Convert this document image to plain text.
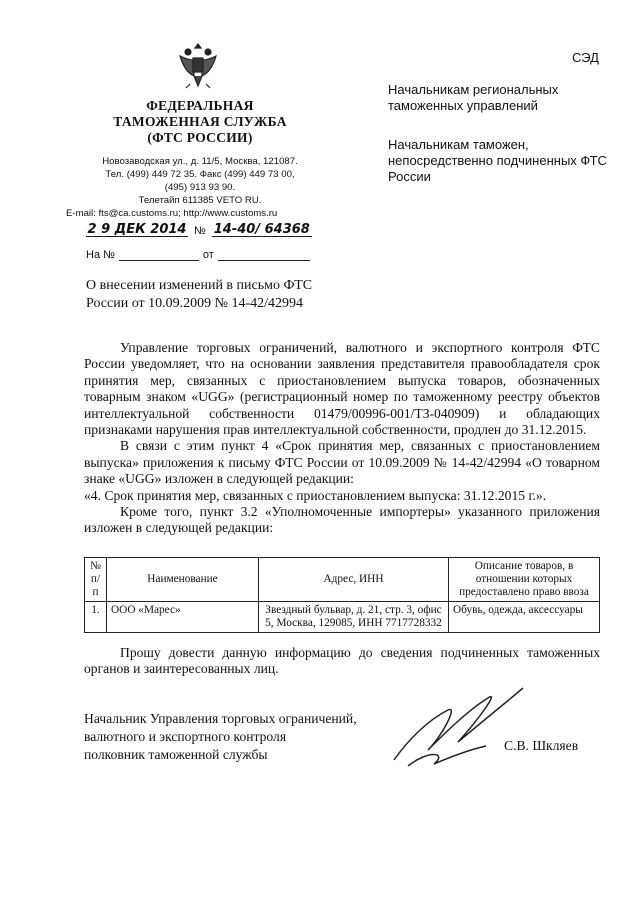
ФЕДЕРАЛЬНАЯ
ТАМОЖЕННАЯ СЛУЖБА
(ФТС РОССИИ)
Новозаводская ул., д. 11/5, Москва, 121087.
Тел. (499) 449 72 35. Факс (499) 449 73 00,
(495) 913 93 90.
Телетайп 611385 VETO RU.
E-mail: fts@ca.customs.ru; http://www.customs.ru
2 9 ДЕК 2014 № 14-40/ 64368
На №	от
О внесении изменений в письмо ФТС России от 10.09.2009 № 14-42/42994
СЭД
Начальникам региональных таможенных управлений
Начальникам таможен, непосредственно подчиненных ФТС России

Управление торговых ограничений, валютного и экспортного контроля ФТС России уведомляет, что на основании заявления представителя правообладателя срок принятия мер, связанных с приостановлением выпуска товаров, обозначенных товарным знаком «UGG» (регистрационный номер по таможенному реестру объектов интеллектуальной собственности 01479/00996-001/ТЗ-040909) и обладающих признаками нарушения прав интеллектуальной собственности, продлен до 31.12.2015.

В связи с этим пункт 4 «Срок принятия мер, связанных с приостановлением выпуска» приложения к письму ФТС России от 10.09.2009 № 14-42/42994 «О товарном знаке «UGG» изложен в следующей редакции:

«4. Срок принятия мер, связанных с приостановлением выпуска: 31.12.2015 г.».

Кроме того, пункт 3.2 «Уполномоченные импортеры» указанного приложения изложен в следующей редакции:

№ п/п	Наименование	Адрес, ИНН	Описание товаров, в отношении которых предоставлено право ввоза
1.	ООО «Марес»	Звездный бульвар, д. 21, стр. 3, офис 5, Москва, 129085, ИНН 7717728332	Обувь, одежда, аксессуары

Прошу довести данную информацию до сведения подчиненных таможенных органов и заинтересованных лиц.

Начальник Управления торговых ограничений,
валютного и экспортного контроля
полковник таможенной службы
С.В. Шкляев
